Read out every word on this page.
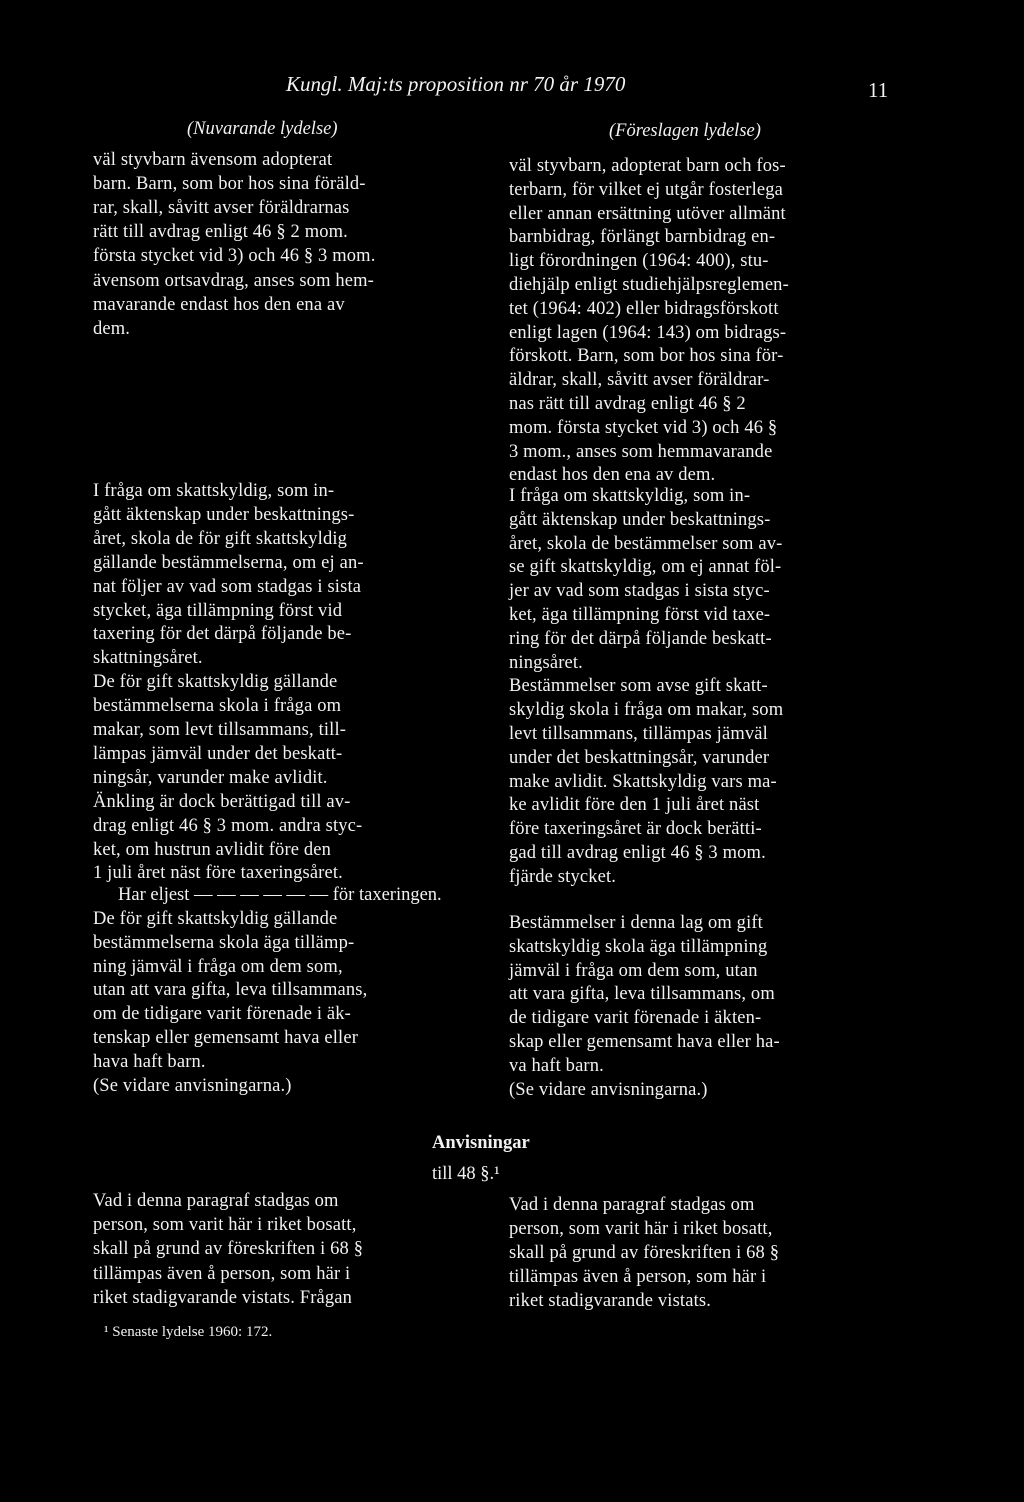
Kungl. Maj:ts proposition nr 70 år 1970	11
(Nuvarande lydelse)	(Föreslagen lydelse)
väl styvbarn ävensom adopterat
barn. Barn, som bor hos sina föräld-
rar, skall, såvitt avser föräldrarnas
rätt till avdrag enligt 46 § 2 mom.
första stycket vid 3) och 46 § 3 mom.
ävensom ortsavdrag, anses som hem-
mavarande endast hos den ena av
dem.
väl styvbarn, adopterat barn och fos-
terbarn, för vilket ej utgår fosterlega
eller annan ersättning utöver allmänt
barnbidrag, förlängt barnbidrag en-
ligt förordningen (1964: 400), stu-
diehjälp enligt studiehjälpsreglemen-
tet (1964: 402) eller bidragsförskott
enligt lagen (1964: 143) om bidrags-
förskott. Barn, som bor hos sina för-
äldrar, skall, såvitt avser föräldrar-
nas rätt till avdrag enligt 46 § 2
mom. första stycket vid 3) och 46 §
3 mom., anses som hemmavarande
endast hos den ena av dem.
I fråga om skattskyldig, som in-
gått äktenskap under beskattnings-
året, skola de för gift skattskyldig
gällande bestämmelserna, om ej an-
nat följer av vad som stadgas i sista
stycket, äga tillämpning först vid
taxering för det därpå följande be-
skattningsåret.
De för gift skattskyldig gällande
bestämmelserna skola i fråga om
makar, som levt tillsammans, till-
lämpas jämväl under det beskatt-
ningsår, varunder make avlidit.
Änkling är dock berättigad till av-
drag enligt 46 § 3 mom. andra styc-
ket, om hustrun avlidit före den
1 juli året näst före taxeringsåret.
I fråga om skattskyldig, som in-
gått äktenskap under beskattnings-
året, skola de bestämmelser som av-
se gift skattskyldig, om ej annat föl-
jer av vad som stadgas i sista styc-
ket, äga tillämpning först vid taxe-
ring för det därpå följande beskatt-
ningsåret.
Bestämmelser som avse gift skatt-
skyldig skola i fråga om makar, som
levt tillsammans, tillämpas jämväl
under det beskattningsår, varunder
make avlidit. Skattskyldig vars ma-
ke avlidit före den 1 juli året näst
före taxeringsåret är dock berätti-
gad till avdrag enligt 46 § 3 mom.
fjärde stycket.
Har eljest — — — — — — för taxeringen.
De för gift skattskyldig gällande
bestämmelserna skola äga tillämp-
ning jämväl i fråga om dem som,
utan att vara gifta, leva tillsammans,
om de tidigare varit förenade i äk-
tenskap eller gemensamt hava eller
hava haft barn.
(Se vidare anvisningarna.)
Bestämmelser i denna lag om gift
skattskyldig skola äga tillämpning
jämväl i fråga om dem som, utan
att vara gifta, leva tillsammans, om
de tidigare varit förenade i äkten-
skap eller gemensamt hava eller ha-
va haft barn.
(Se vidare anvisningarna.)
Anvisningar
till 48 §.¹
Vad i denna paragraf stadgas om
person, som varit här i riket bosatt,
skall på grund av föreskriften i 68 §
tillämpas även å person, som här i
riket stadigvarande vistats. Frågan
Vad i denna paragraf stadgas om
person, som varit här i riket bosatt,
skall på grund av föreskriften i 68 §
tillämpas även å person, som här i
riket stadigvarande vistats.
¹ Senaste lydelse 1960: 172.
